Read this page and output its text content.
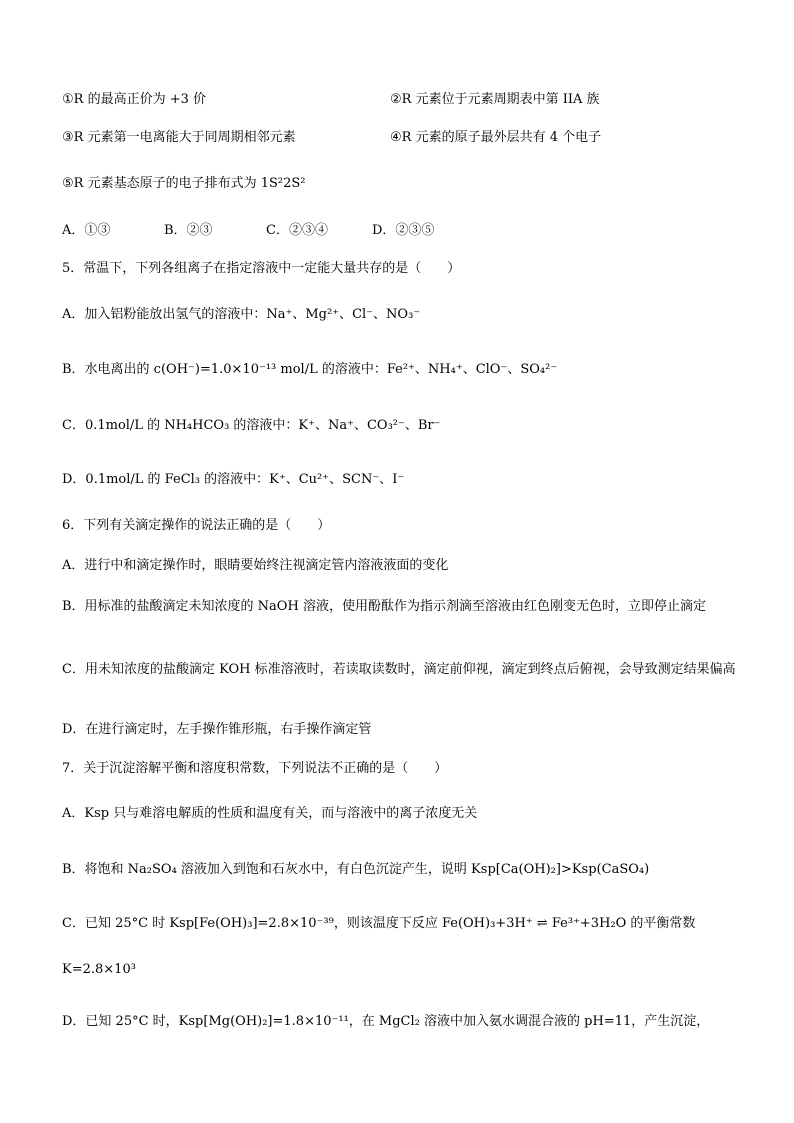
①R 的最高正价为 +3 价	②R 元素位于元素周期表中第 IIA 族
③R 元素第一电离能大于同周期相邻元素	④R 元素的原子最外层共有 4 个电子
⑤R 元素基态原子的电子排布式为 1S²2S²
A．①③	B．②③	C．②③④	D．②③⑤
5．常温下，下列各组离子在指定溶液中一定能大量共存的是（　　）
A．加入铝粉能放出氢气的溶液中：Na⁺、Mg²⁺、Cl⁻、NO₃⁻
B．水电离出的 c(OH⁻)=1.0×10⁻¹³ mol/L 的溶液中：Fe²⁺、NH₄⁺、ClO⁻、SO₄²⁻
C．0.1mol/L 的 NH₄HCO₃ 的溶液中：K⁺、Na⁺、CO₃²⁻、Br⁻
D．0.1mol/L 的 FeCl₃ 的溶液中：K⁺、Cu²⁺、SCN⁻、I⁻
6．下列有关滴定操作的说法正确的是（　　）
A．进行中和滴定操作时，眼睛要始终注视滴定管内溶液液面的变化
B．用标准的盐酸滴定未知浓度的 NaOH 溶液，使用酚酞作为指示剂滴至溶液由红色刚变无色时，立即停止滴定
C．用未知浓度的盐酸滴定 KOH 标准溶液时，若读取读数时，滴定前仰视，滴定到终点后俯视，会导致测定结果偏高
D．在进行滴定时，左手操作锥形瓶，右手操作滴定管
7．关于沉淀溶解平衡和溶度积常数，下列说法不正确的是（　　）
A．Ksp 只与难溶电解质的性质和温度有关，而与溶液中的离子浓度无关
B．将饱和 Na₂SO₄ 溶液加入到饱和石灰水中，有白色沉淀产生，说明 Ksp[Ca(OH)₂]>Ksp(CaSO₄)
C．已知 25°C 时 Ksp[Fe(OH)₃]=2.8×10⁻³⁹，则该温度下反应 Fe(OH)₃+3H⁺ ⇌ Fe³⁺+3H₂O 的平衡常数
K=2.8×10³
D．已知 25°C 时，Ksp[Mg(OH)₂]=1.8×10⁻¹¹，在 MgCl₂ 溶液中加入氨水调混合液的 pH=11，产生沉淀，
